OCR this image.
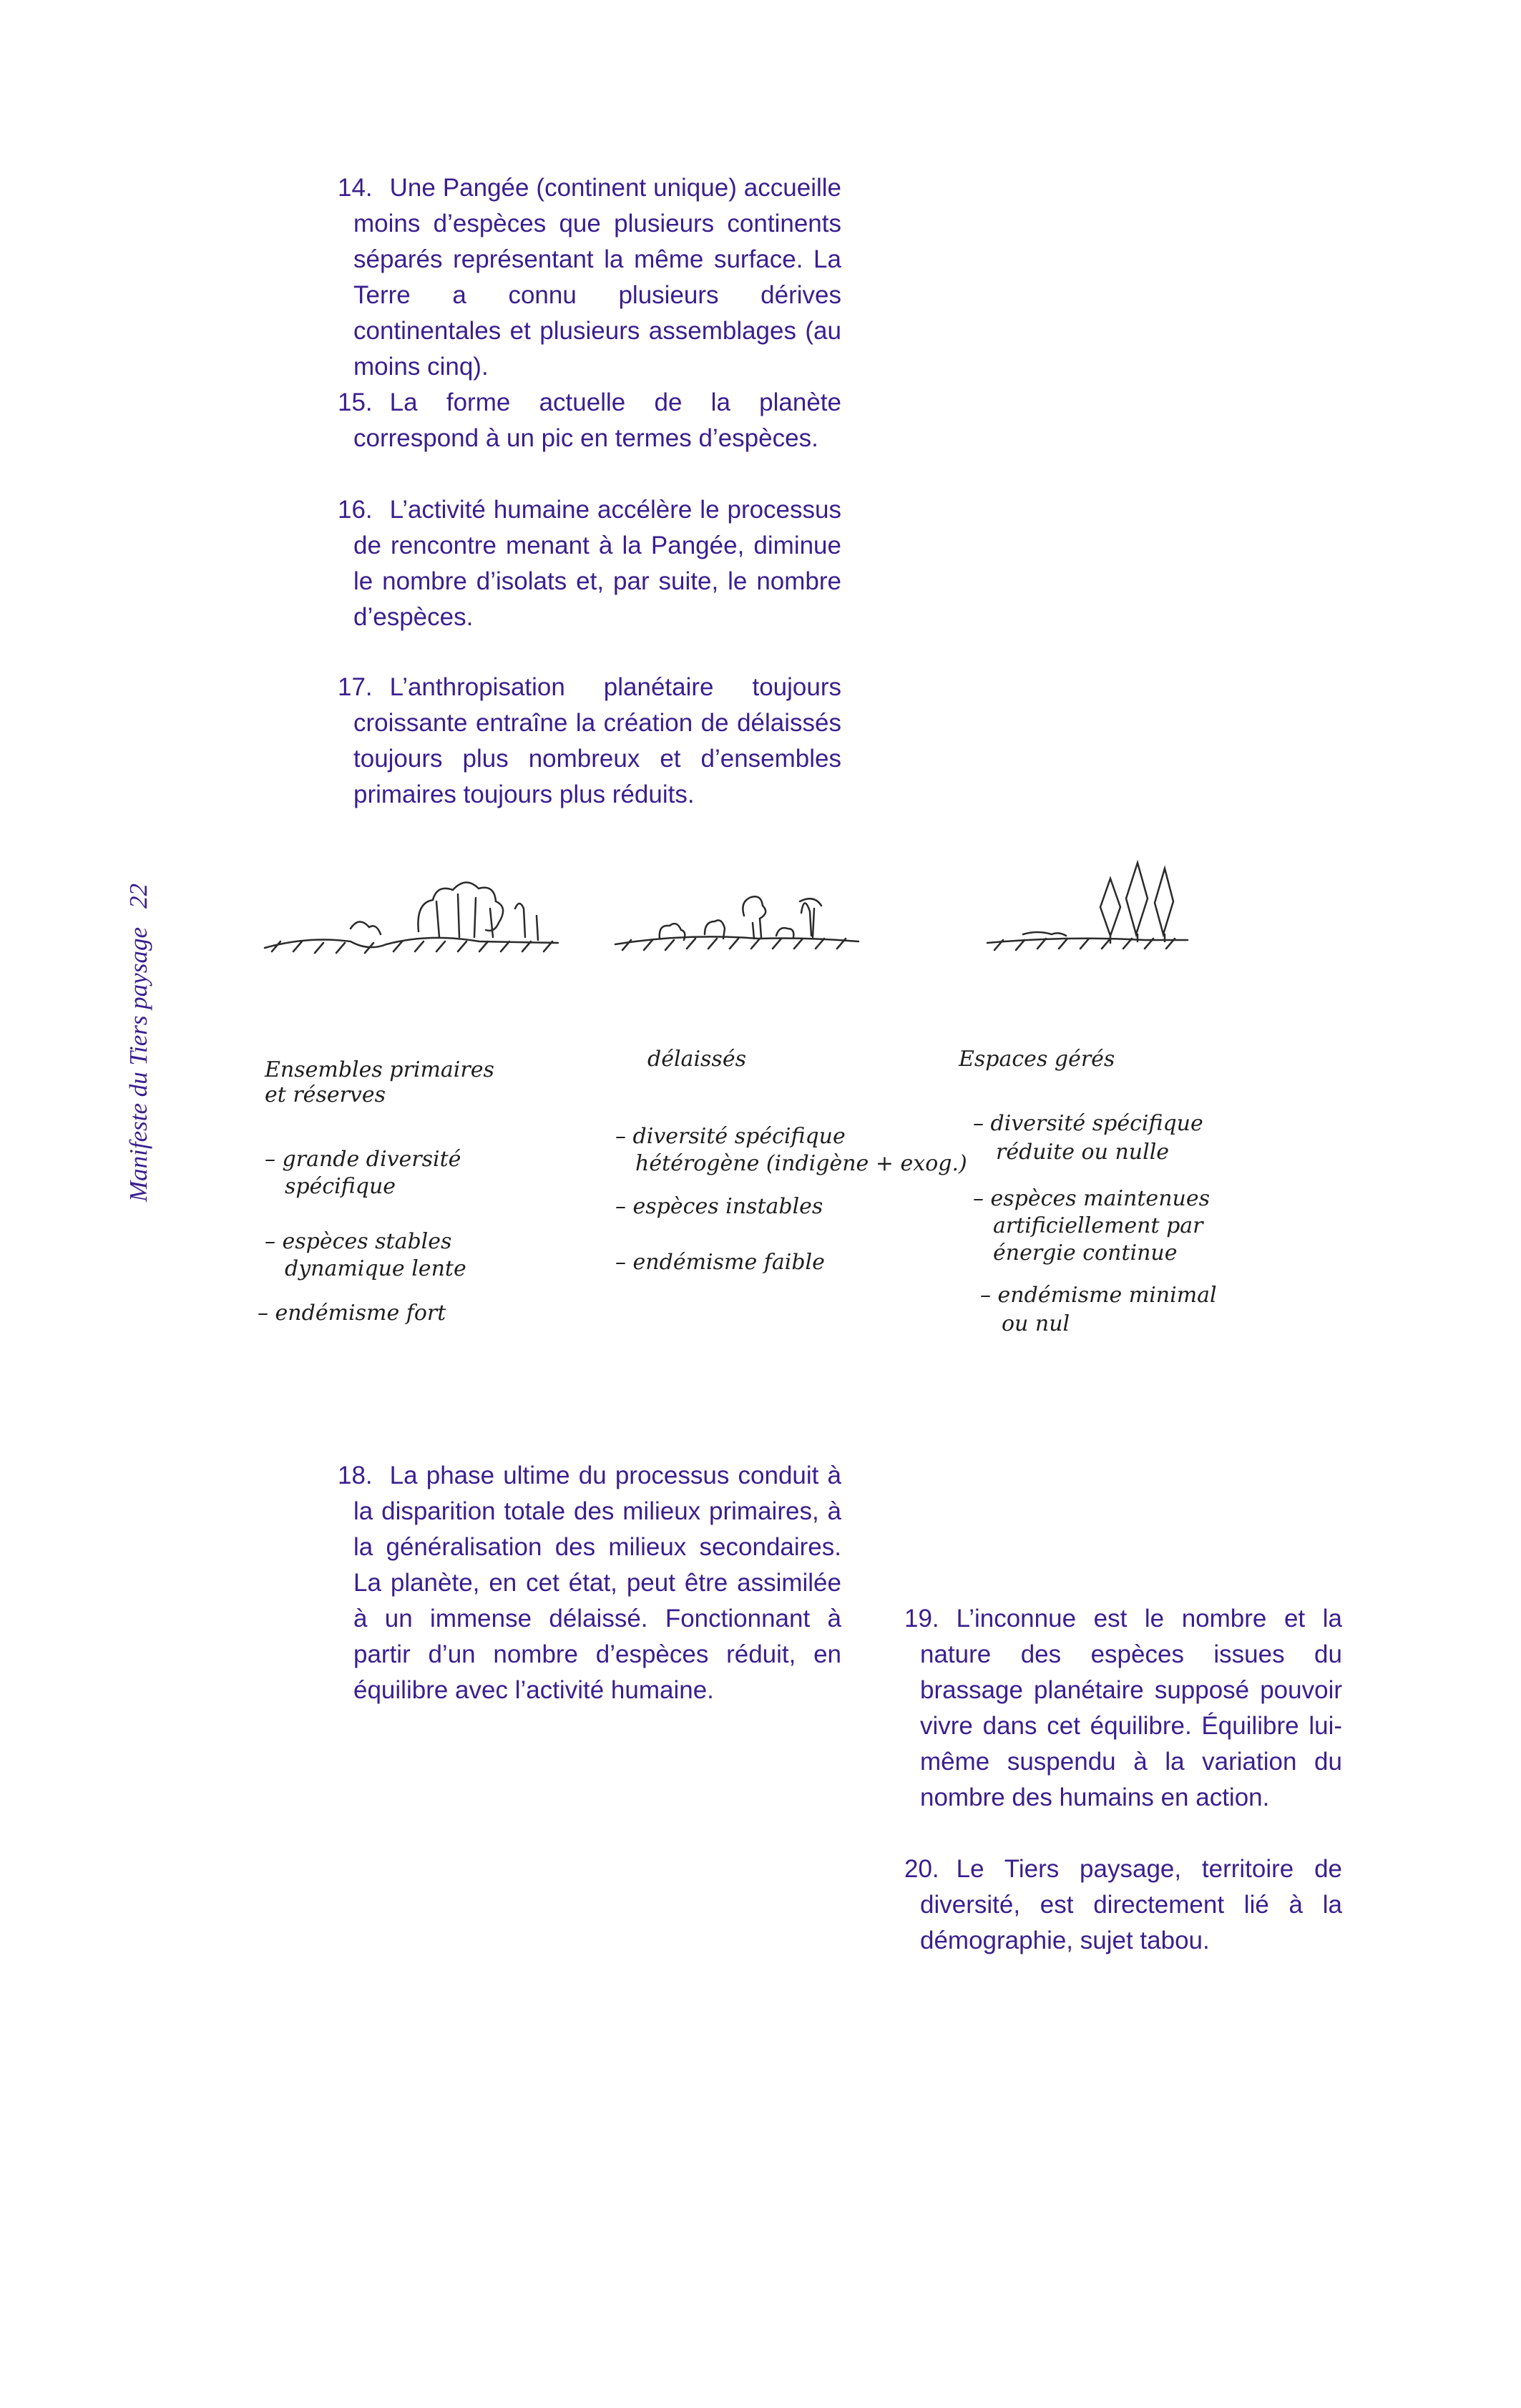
Manifeste du Tiers paysage22
14. Une Pangée (continent unique) accueille moins d’espèces que plusieurs continents séparés représentant la même surface. La Terre a connu plusieurs dérives continentales et plusieurs assemblages (au moins cinq).
15. La forme actuelle de la planète correspond à un pic en termes d’espèces.
16. L’activité humaine accélère le processus de rencontre menant à la Pangée, diminue le nombre d’isolats et, par suite, le nombre d’espèces.
17. L’anthropisation planétaire toujours croissante entraîne la création de délaissés toujours plus nombreux et d’ensembles primaires toujours plus réduits.
Ensembles primaires
et réserves
– grande diversité
spécifique
– espèces stables
dynamique lente
– endémisme fort
délaissés
– diversité spécifique
hétérogène (indigène + exog.)
– espèces instables
– endémisme faible
Espaces gérés
– diversité spécifique
réduite ou nulle
– espèces maintenues
artificiellement par
énergie continue
– endémisme minimal
ou nul
18. La phase ultime du processus conduit à la disparition totale des milieux primaires, à la généralisation des milieux secondaires. La planète, en cet état, peut être assimilée à un immense délaissé. Fonctionnant à partir d’un nombre d’espèces réduit, en équilibre avec l’activité humaine.
19. L’inconnue est le nombre et la nature des espèces issues du brassage planétaire supposé pouvoir vivre dans cet équilibre. Équilibre lui-même suspendu à la variation du nombre des humains en action.
20. Le Tiers paysage, territoire de diversité, est directement lié à la démographie, sujet tabou.
